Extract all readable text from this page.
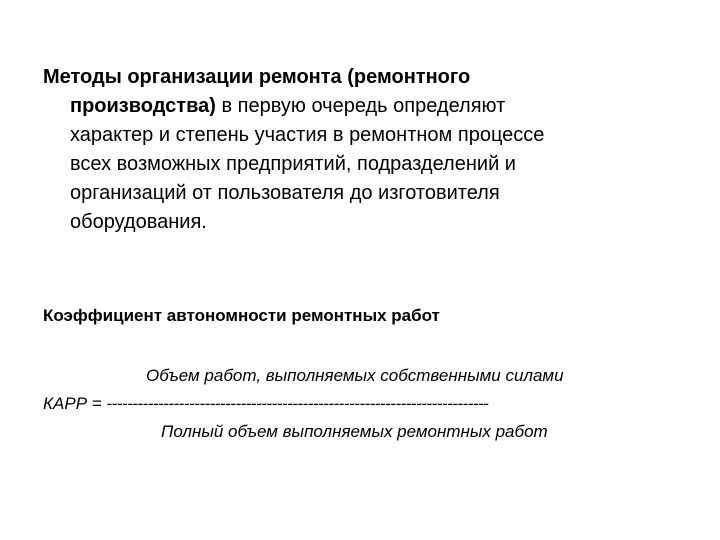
Методы организации ремонта (ремонтного
производства) в первую очередь определяют
характер и степень участия в ремонтном процессе
всех возможных предприятий, подразделений и
организаций от пользователя до изготовителя
оборудования.

Коэффициент автономности ремонтных работ

Объем работ, выполняемых собственными силами
КАРР = --------------------------------------------------------------------------
Полный объем выполняемых ремонтных работ
